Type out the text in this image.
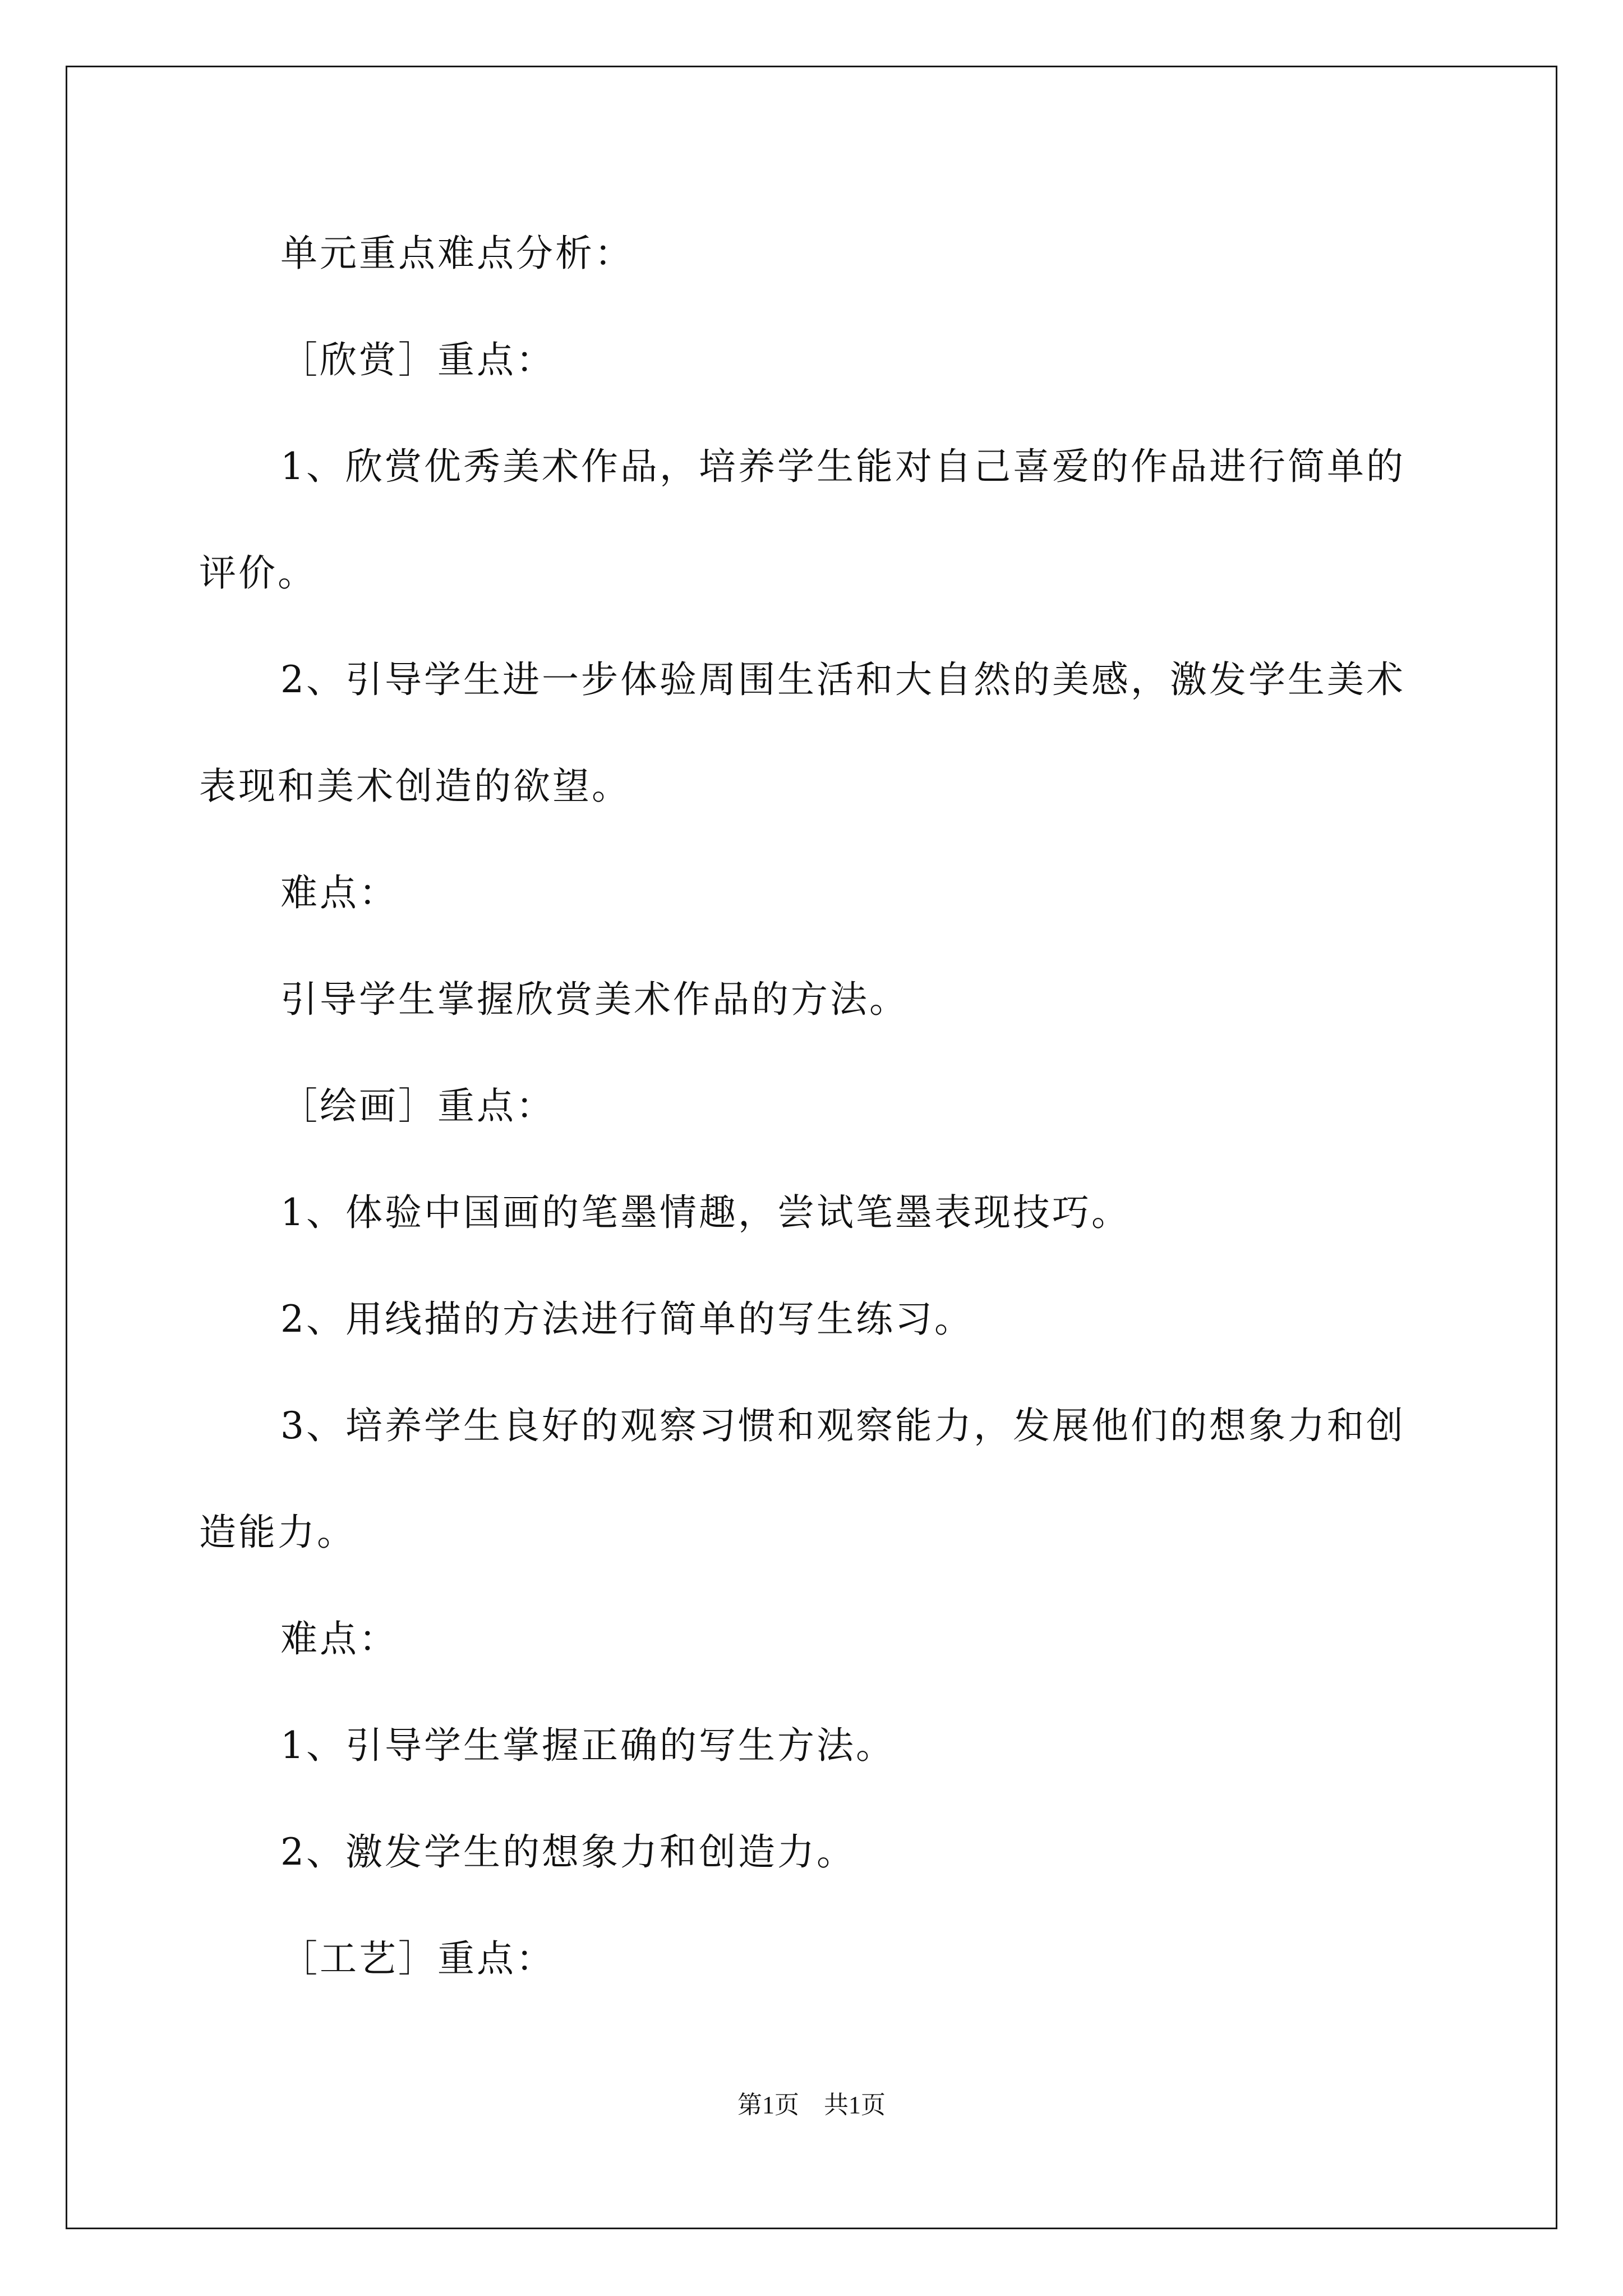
单元重点难点分析：
［欣赏］重点：
1、欣赏优秀美术作品，培养学生能对自己喜爱的作品进行简单的
评价。
2、引导学生进一步体验周围生活和大自然的美感，激发学生美术
表现和美术创造的欲望。
难点：
引导学生掌握欣赏美术作品的方法。
［绘画］重点：
1、体验中国画的笔墨情趣，尝试笔墨表现技巧。
2、用线描的方法进行简单的写生练习。
3、培养学生良好的观察习惯和观察能力，发展他们的想象力和创
造能力。
难点：
1、引导学生掌握正确的写生方法。
2、激发学生的想象力和创造力。
［工艺］重点：
第1页　共1页
